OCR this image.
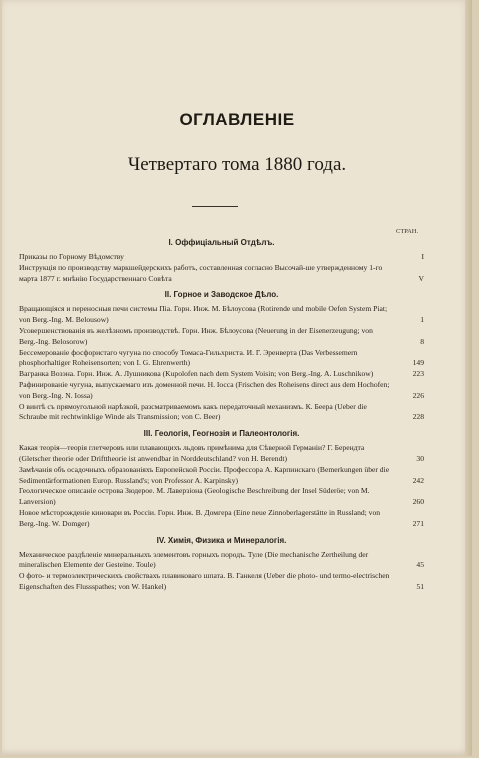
ОГЛАВЛЕНІЕ
Четвертаго тома 1880 года.
СТРАН.
I. Оффиціальный Отдѣлъ.
Приказы по Горному Вѣдомству	I
Инструкція по производству маркшейдерскихъ работъ, составленная согласно Высочай-ше утвержденному 1-го марта 1877 г. мнѣнію Государственнаго Совѣта	V
II. Горное и Заводское Дѣло.
Вращающіяся и переносныя печи системы Піа. Горн. Инж. М. Бѣлоусова (Rotirende und mobile Oefen System Piat; von Berg.-Ing. M. Belousow)	1
Усовершенствованія въ желѣзномъ производствѣ. Горн. Инж. Бѣлоусова (Neuerung in der Eisenerzeugung; von Berg.-Ing. Belosorow)	8
Бессемерованіе фосфористаго чугуна по способу Томаса-Гильхриста. И. Г. Эренверта (Das Verbessemern phosphorhaltiger Roheisensorten; von I. G. Ehrenwerth)	149
Вагранка Возэна. Горн. Инж. А. Лушникова (Kupolofen nach dem System Voisin; von Berg.-Ing. A. Luschnikow)	223
Рафинированіе чугуна, выпускаемаго изъ доменной печи. Н. Іосса (Frischen des Roheisens direct aus dem Hochofen; von Berg.-Ing. N. Iossa)	226
О винтѣ съ прямоугольной нарѣзкой, разсматриваемомъ какъ передаточный механизмъ. К. Беера (Ueber die Schraube mit rechtwinklige Winde als Transmission; von C. Beer)	228
III. Геологія, Геогнозія и Палеонтологія.
Какая теорія—теорія глетчеровъ или плавающихъ льдовъ примѣнима для Сѣверной Германіи? Г. Берендта (Gletscher theorie oder Drifttheorie ist anwendbar in Norddeutschland? von H. Berendt)	30
Замѣчанія объ осадочныхъ образованіяхъ Европейской Россіи. Профессора А. Карпинскаго (Bemerkungen über die Sedimentärformationen Europ. Russland's; von Professor A. Karpinsky)	242
Геологическое описаніе острова Зюдерое. М. Лаверзіона (Geologische Beschreibung der Insel Süderöe; von M. Lanversion)	260
Новое мѣсторожденіе киновари въ Россіи. Горн. Инж. В. Домгера (Eine neue Zinnoberlagerstätte in Russland; von Berg.-Ing. W. Domger)	271
IV. Химія, Физика и Минералогія.
Механическое раздѣленіе минеральныхъ элементовъ горныхъ породъ. Туле (Die mechanische Zertheilung der mineralischen Elemente der Gesteine. Toule)	45
О фото- и термоэлектрическихъ свойствахъ плавиковаго шпата. В. Ганкеля (Ueber die photo- und termo-electrischen Eigenschaften des Flussspathes; von W. Hankel)	51
